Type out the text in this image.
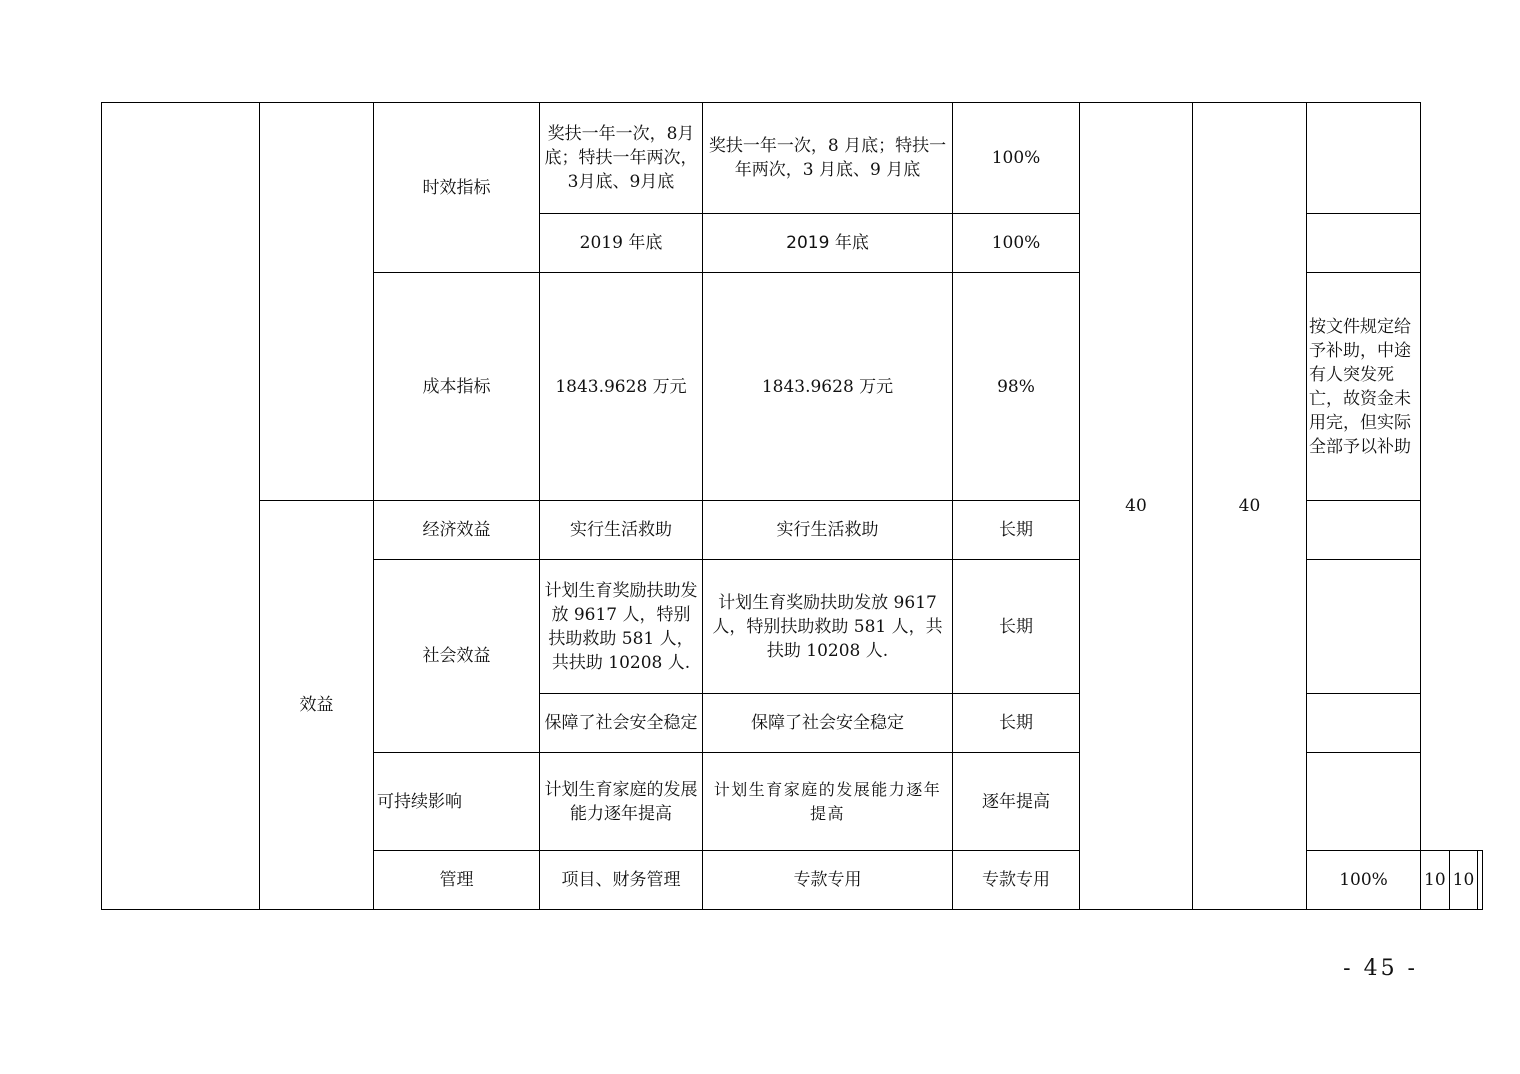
		时效指标	奖扶一年一次，8月底；特扶一年两次，3月底、9月底	奖扶一年一次，8 月底；特扶一年两次，3 月底、9 月底	100%	40	40				
			2019 年底	2019 年底	100%						
		成本指标	1843.9628 万元	1843.9628 万元	98%			按文件规定给予补助，中途有人突发死亡，故资金未用完，但实际全部予以补助			
	效益	经济效益	实行生活救助	实行生活救助	长期						
		社会效益	计划生育奖励扶助发放 9617 人，特别扶助救助 581 人，共扶助 10208 人.	计划生育奖励扶助发放 9617 人，特别扶助救助 581 人，共扶助 10208 人.	长期						
			保障了社会安全稳定	保障了社会安全稳定	长期						
		可持续影响	计划生育家庭的发展能力逐年提高	计划生育家庭的发展能力逐年提高	逐年提高						
		管理	项目、财务管理	专款专用	专款专用			100%	10	10	
- 45 -
